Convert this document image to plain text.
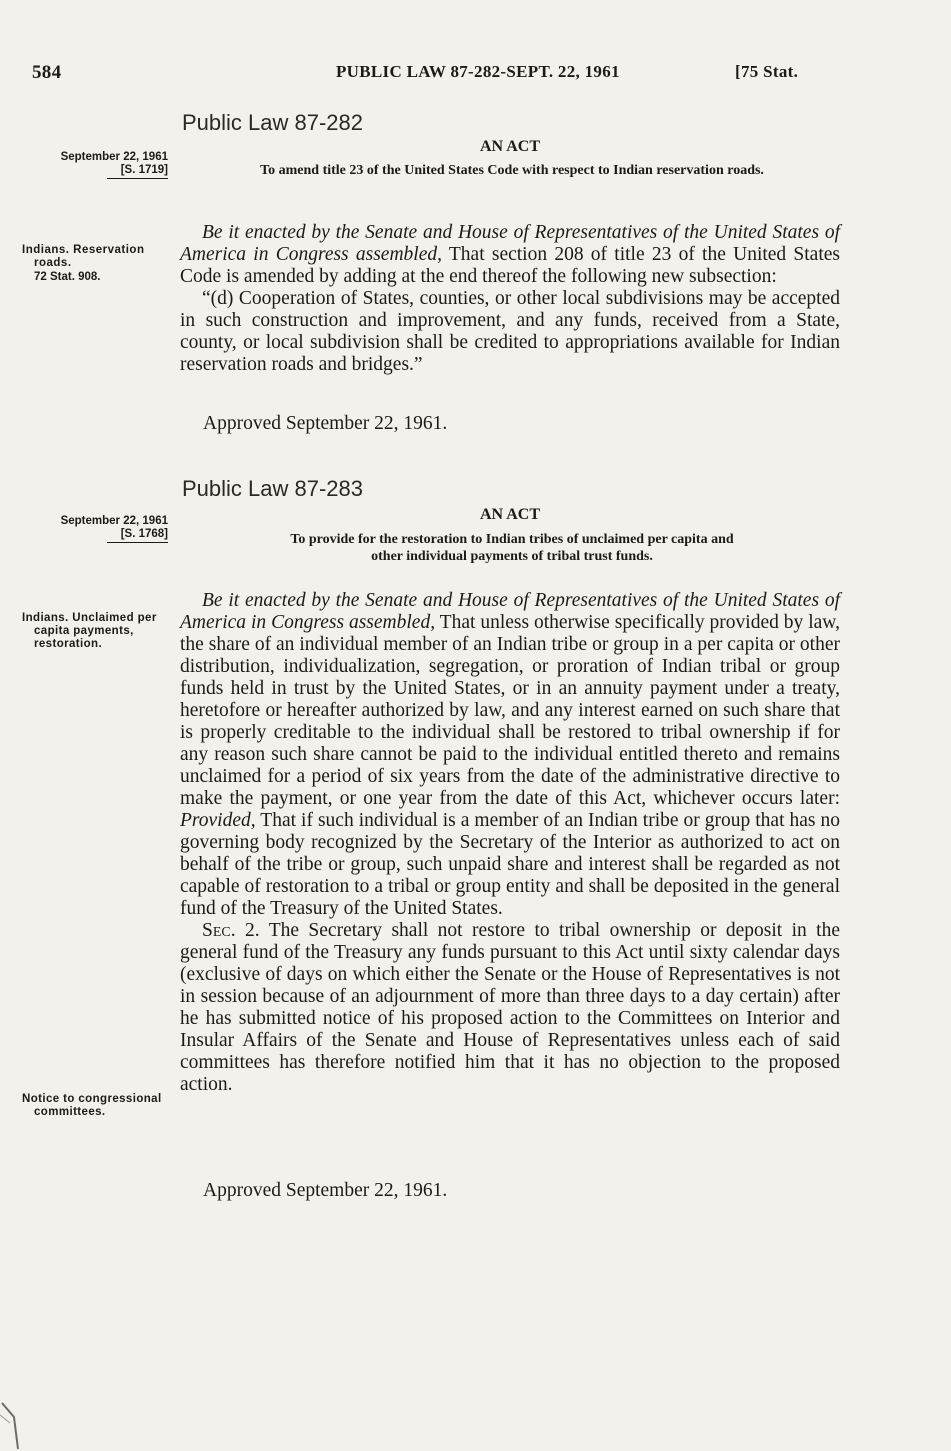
584	PUBLIC LAW 87-282-SEPT. 22, 1961	[75 Stat.
Public Law 87-282
September 22, 1961
[S. 1719]
AN ACT
To amend title 23 of the United States Code with respect to Indian reservation roads.
Indians. Reservation roads.
72 Stat. 908.

Be it enacted by the Senate and House of Representatives of the United States of America in Congress assembled, That section 208 of title 23 of the United States Code is amended by adding at the end thereof the following new subsection:

“(d) Cooperation of States, counties, or other local subdivisions may be accepted in such construction and improvement, and any funds, received from a State, county, or local subdivision shall be credited to appropriations available for Indian reservation roads and bridges.”

Approved September 22, 1961.
Public Law 87-283
September 22, 1961
[S. 1768]
AN ACT
To provide for the restoration to Indian tribes of unclaimed per capita and
other individual payments of tribal trust funds.
Indians. Unclaimed per capita payments, restoration.

Be it enacted by the Senate and House of Representatives of the United States of America in Congress assembled, That unless otherwise specifically provided by law, the share of an individual member of an Indian tribe or group in a per capita or other distribution, individualization, segregation, or proration of Indian tribal or group funds held in trust by the United States, or in an annuity payment under a treaty, heretofore or hereafter authorized by law, and any interest earned on such share that is properly creditable to the individual shall be restored to tribal ownership if for any reason such share cannot be paid to the individual entitled thereto and remains unclaimed for a period of six years from the date of the administrative directive to make the payment, or one year from the date of this Act, whichever occurs later: Provided, That if such individual is a member of an Indian tribe or group that has no governing body recognized by the Secretary of the Interior as authorized to act on behalf of the tribe or group, such unpaid share and interest shall be regarded as not capable of restoration to a tribal or group entity and shall be deposited in the general fund of the Treasury of the United States.

Sec. 2. The Secretary shall not restore to tribal ownership or deposit in the general fund of the Treasury any funds pursuant to this Act until sixty calendar days (exclusive of days on which either the Senate or the House of Representatives is not in session because of an adjournment of more than three days to a day certain) after he has submitted notice of his proposed action to the Committees on Interior and Insular Affairs of the Senate and House of Representatives unless each of said committees has therefore notified him that it has no objection to the proposed action.

Notice to congressional committees.
Approved September 22, 1961.
